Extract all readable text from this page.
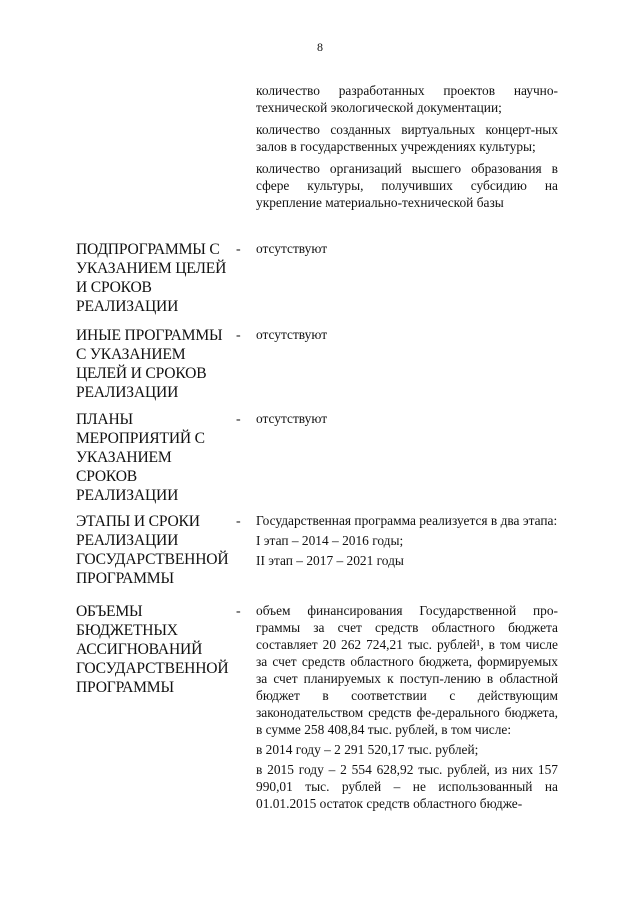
8

количество разработанных проектов научно-технической экологической документации;

количество созданных виртуальных концерт-ных залов в государственных учреждениях культуры;

количество организаций высшего образования в сфере культуры, получивших субсидию на укрепление материально-технической базы

ПОДПРОГРАММЫ С
УКАЗАНИЕМ ЦЕЛЕЙ
И СРОКОВ
РЕАЛИЗАЦИИ
- отсутствуют

ИНЫЕ ПРОГРАММЫ
С УКАЗАНИЕМ
ЦЕЛЕЙ И СРОКОВ
РЕАЛИЗАЦИИ
- отсутствуют

ПЛАНЫ
МЕРОПРИЯТИЙ С
УКАЗАНИЕМ
СРОКОВ
РЕАЛИЗАЦИИ
- отсутствуют

ЭТАПЫ И СРОКИ
РЕАЛИЗАЦИИ
ГОСУДАРСТВЕННОЙ
ПРОГРАММЫ
- Государственная программа реализуется в два этапа:

I этап – 2014 – 2016 годы;

II этап – 2017 – 2021 годы

ОБЪЕМЫ
БЮДЖЕТНЫХ
АССИГНОВАНИЙ
ГОСУДАРСТВЕННОЙ
ПРОГРАММЫ
- объем финансирования Государственной про-граммы за счет средств областного бюджета составляет 20 262 724,21 тыс. рублей¹, в том числе за счет средств областного бюджета, формируемых за счет планируемых к поступ-лению в областной бюджет в соответствии с действующим законодательством средств фе-дерального бюджета, в сумме 258 408,84 тыс. рублей, в том числе:

в 2014 году – 2 291 520,17 тыс. рублей;

в 2015 году – 2 554 628,92 тыс. рублей, из них 157 990,01 тыс. рублей – не использованный на 01.01.2015 остаток средств областного бюдже-
